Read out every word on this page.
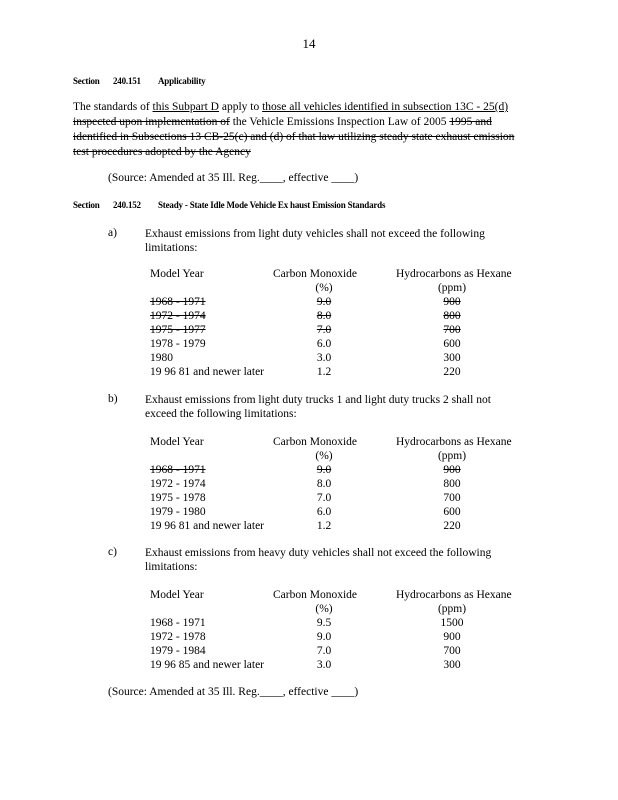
14
Section 240.151 Applicability
The standards of this Subpart D apply to those all vehicles identified in subsection 13C - 25(d)
inspected upon implementation of the Vehicle Emissions Inspection Law of 2005 1995 and
identified in Subsections 13 CB-25(c) and (d) of that law utilizing steady state exhaust emission
test procedures adopted by the Agency
(Source: Amended at 35 Ill. Reg.____, effective ____)
Section 240.152 Steady - State Idle Mode Vehicle Ex haust Emission Standards
a) Exhaust emissions from light duty vehicles shall not exceed the following
limitations:
Model Year	Carbon Monoxide	Hydrocarbons as Hexane
(%)	(ppm)
1968 - 1971	9.0	900
1972 - 1974	8.0	800
1975 - 1977	7.0	700
1978 - 1979	6.0	600
1980	3.0	300
19 96 81 and newer later	1.2	220
b) Exhaust emissions from light duty trucks 1 and light duty trucks 2 shall not
exceed the following limitations:
Model Year	Carbon Monoxide	Hydrocarbons as Hexane
(%)	(ppm)
1968 - 1971	9.0	900
1972 - 1974	8.0	800
1975 - 1978	7.0	700
1979 - 1980	6.0	600
19 96 81 and newer later	1.2	220
c) Exhaust emissions from heavy duty vehicles shall not exceed the following
limitations:
Model Year	Carbon Monoxide	Hydrocarbons as Hexane
(%)	(ppm)
1968 - 1971	9.5	1500
1972 - 1978	9.0	900
1979 - 1984	7.0	700
19 96 85 and newer later	3.0	300
(Source: Amended at 35 Ill. Reg.____, effective ____)
